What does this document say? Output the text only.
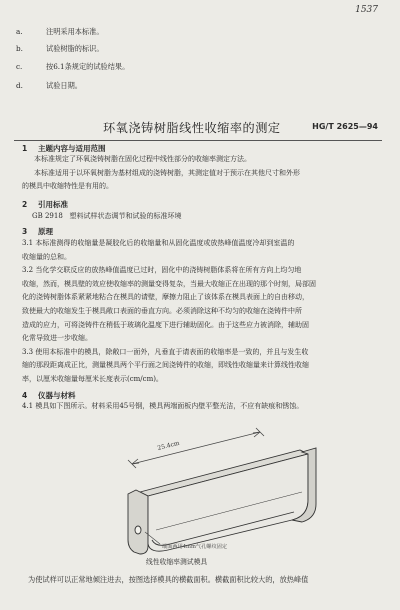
1537
a.	注明采用本标准。
b.	试验树脂的标识。
c.	按6.1条规定的试验结果。
d.	试验日期。
环氧浇铸树脂线性收缩率的测定	HG/T 2625—94
1 主题内容与适用范围
本标准规定了环氧浇铸树脂在固化过程中线性部分的收缩率测定方法。
本标准适用于以环氧树脂为基材组成的浇铸树脂，其测定值对于预示在其他尺寸和外形
的模具中收缩特性是有用的。
2 引用标准
GB 2918 塑料试样状态调节和试验的标准环境
3 原理
3.1 本标准测得的收缩量是凝胶化后的收缩量和从固化温度或放热峰值温度冷却到室温的
收缩量的总和。
3.2 当化学交联反应的放热峰值温度已过时，固化中的浇铸树脂体系将在所有方向上均匀地
收缩，然而，模具壁的效应使收缩率的测量变得复杂，当最大收缩正在出现的那个时刻，局部固
化的浇铸树脂体系紧紧地粘合在模具的请壁，摩擦力阻止了该体系在模具表面上的自由移动，
致使最大的收缩发生于模具敞口表面的垂直方向。必须消除这种不均匀的收缩在浇铸件中所
造成的应力，可将浇铸件在稍低于玻璃化温度下进行辅助固化。由于这些应力被消除，辅助固
化常导致进一步收缩。
3.3 使用本标准中的模具，除敞口一面外，凡垂直于请表面的收缩率是一致的，并且与发生收
缩的那段距离成正比，测量模具两个平行面之间浇铸件的收缩，即线性收缩量来计算线性收缩
率，以厘米收缩量每厘米长度表示(cm/cm)。
4 仪器与材料
4.1 模具如下图所示。材料采用45号钢，模具两端面板内壁平整光洁，不应有缺痕和锈蚀。
25.4cm
端面两用4mm气孔螺纹固定
线性收缩率测试模具
为使试样可以正常地倾注进去，按图选择模具的横截面积。横截面积比较大的，放热峰值
